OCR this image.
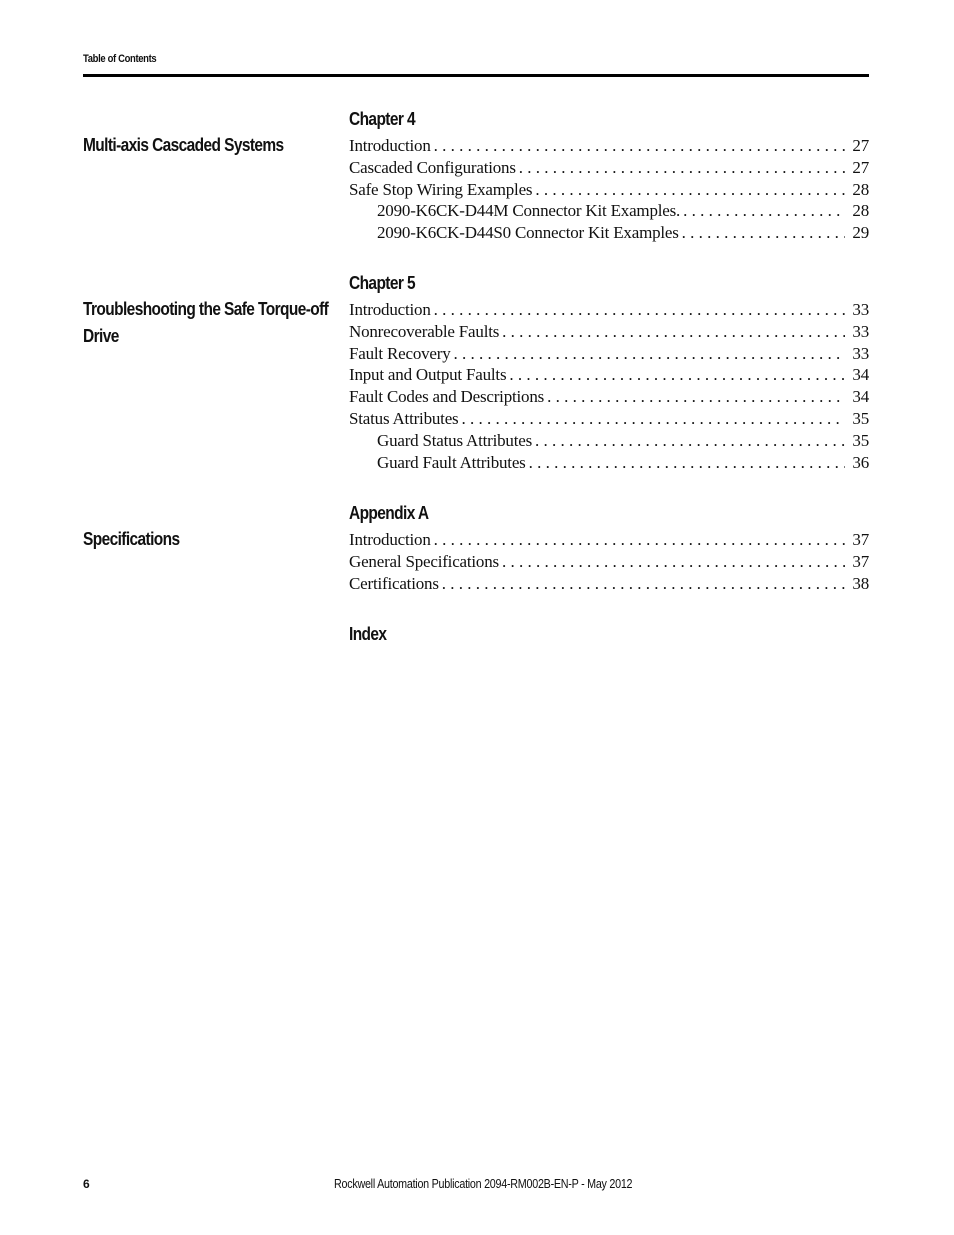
Table of Contents
Chapter 4
Multi-axis Cascaded Systems	Introduction . . .	27
Cascaded Configurations . . .	27
Safe Stop Wiring Examples . . .	28
2090-K6CK-D44M Connector Kit Examples. . . .	28
2090-K6CK-D44S0 Connector Kit Examples . . .	29
Chapter 5
Troubleshooting the Safe Torque-off
Drive
Introduction . . .	33
Nonrecoverable Faults . . .	33
Fault Recovery . . .	33
Input and Output Faults . . .	34
Fault Codes and Descriptions . . .	34
Status Attributes . . .	35
Guard Status Attributes . . .	35
Guard Fault Attributes . . .	36
Appendix A
Specifications	Introduction . . .	37
General Specifications . . .	37
Certifications . . .	38
Index
6	Rockwell Automation Publication 2094-RM002B-EN-P - May 2012
